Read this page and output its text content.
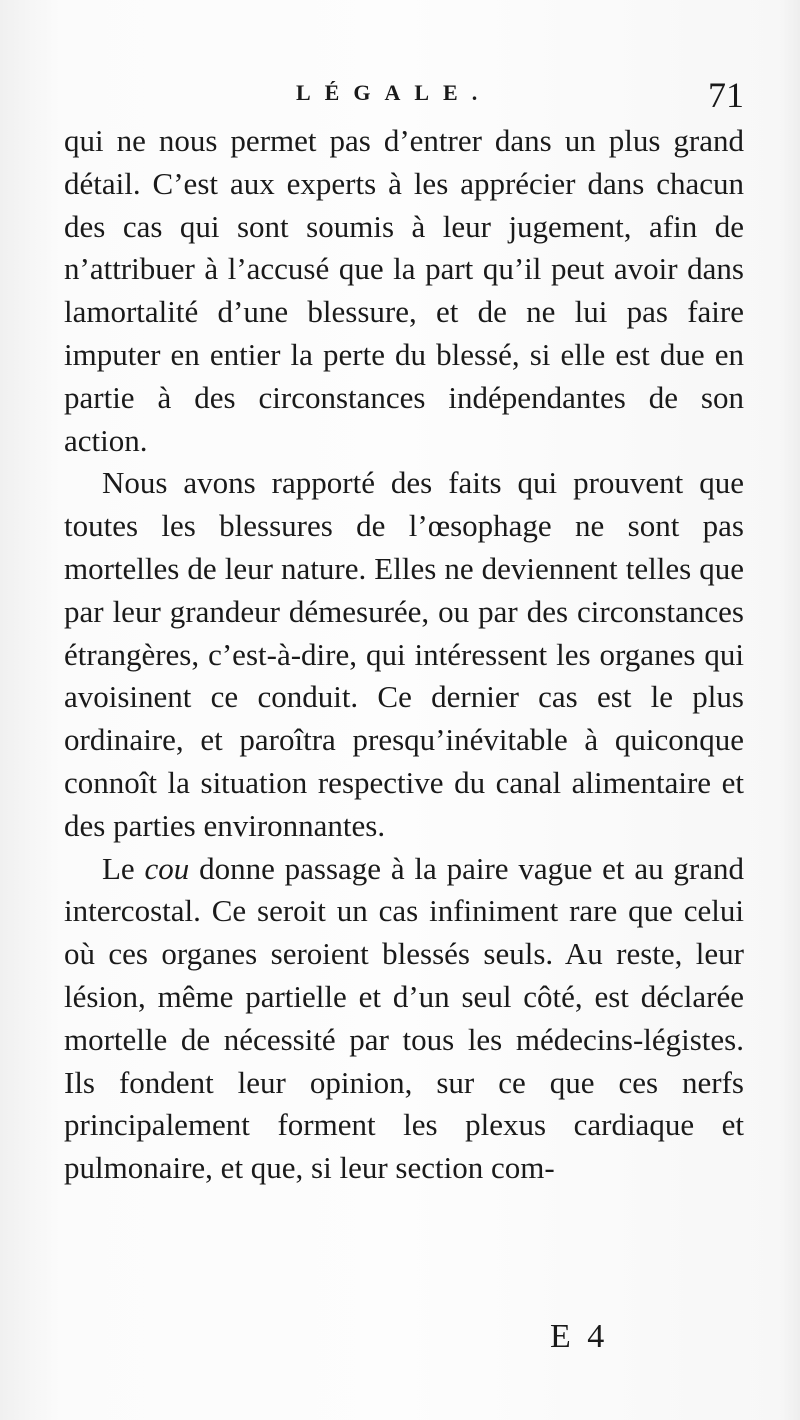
LÉGALE.	71

qui ne nous permet pas d’entrer dans un plus grand détail. C’est aux experts à les apprécier dans chacun des cas qui sont soumis à leur jugement, afin de n’attribuer à l’accusé que la part qu’il peut avoir dans lamortalité d’une blessure, et de ne lui pas faire imputer en entier la perte du blessé, si elle est due en partie à des circonstances indépendantes de son action.

Nous avons rapporté des faits qui prouvent que toutes les blessures de l’œsophage ne sont pas mortelles de leur nature. Elles ne deviennent telles que par leur grandeur démesurée, ou par des circonstances étrangères, c’est-à-dire, qui intéressent les organes qui avoisinent ce conduit. Ce dernier cas est le plus ordinaire, et paroîtra presqu’inévitable à quiconque connoît la situation respective du canal alimentaire et des parties environnantes.

Le cou donne passage à la paire vague et au grand intercostal. Ce seroit un cas infiniment rare que celui où ces organes seroient blessés seuls. Au reste, leur lésion, même partielle et d’un seul côté, est déclarée mortelle de nécessité par tous les médecins-légistes. Ils fondent leur opinion, sur ce que ces nerfs principalement forment les plexus cardiaque et pulmonaire, et que, si leur section com-

E 4
